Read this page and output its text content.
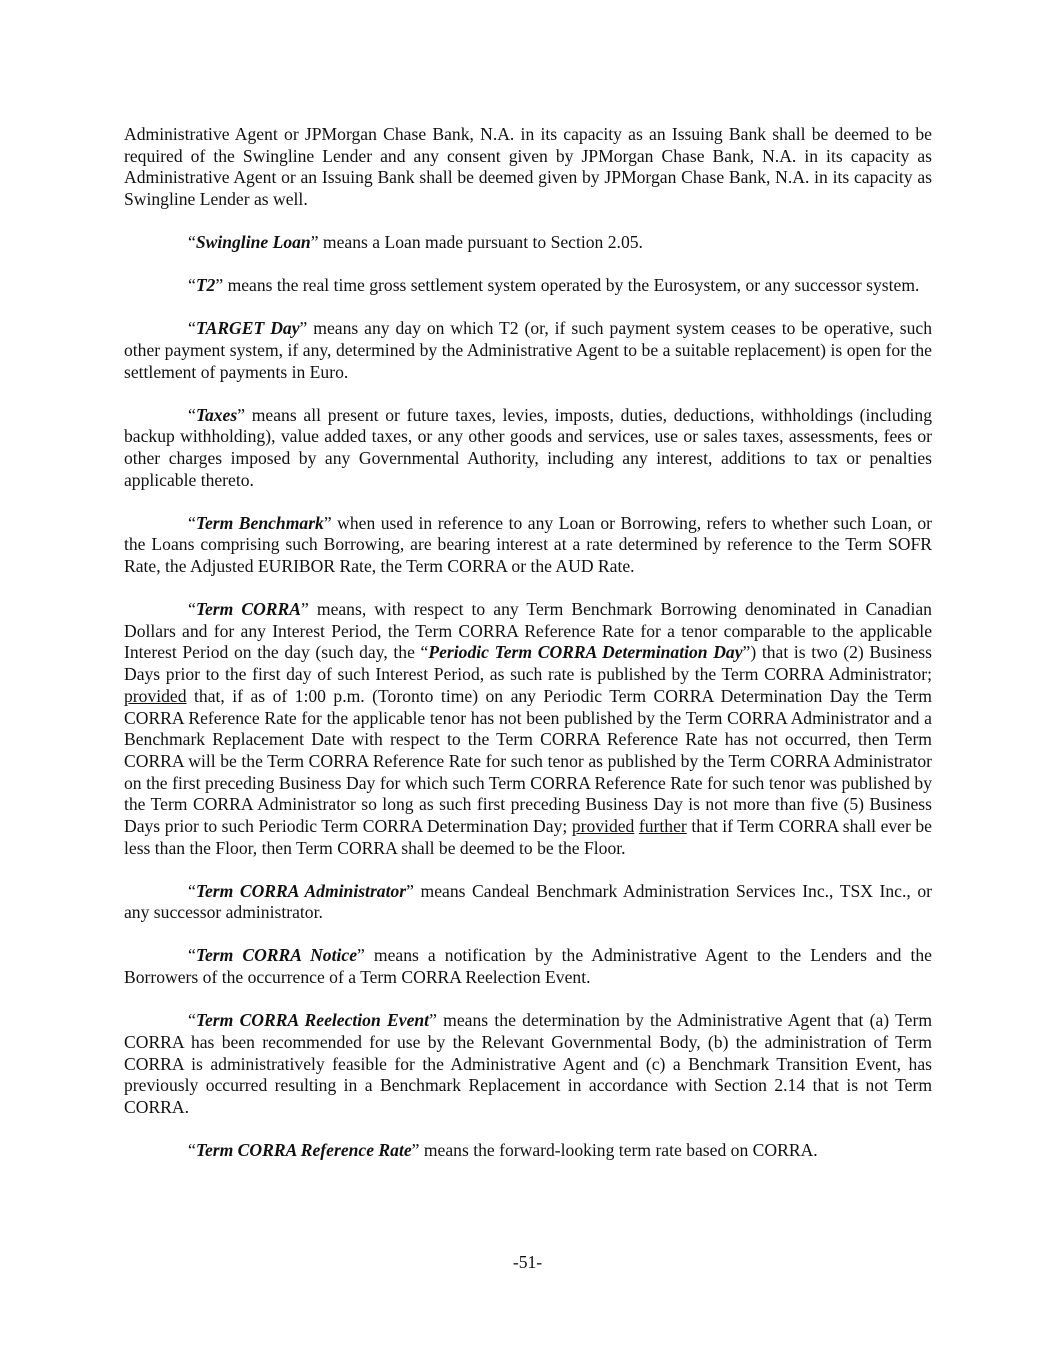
Administrative Agent or JPMorgan Chase Bank, N.A. in its capacity as an Issuing Bank shall be deemed to be required of the Swingline Lender and any consent given by JPMorgan Chase Bank, N.A. in its capacity as Administrative Agent or an Issuing Bank shall be deemed given by JPMorgan Chase Bank, N.A. in its capacity as Swingline Lender as well.

“Swingline Loan” means a Loan made pursuant to Section 2.05.

“T2” means the real time gross settlement system operated by the Eurosystem, or any successor system.

“TARGET Day” means any day on which T2 (or, if such payment system ceases to be operative, such other payment system, if any, determined by the Administrative Agent to be a suitable replacement) is open for the settlement of payments in Euro.

“Taxes” means all present or future taxes, levies, imposts, duties, deductions, withholdings (including backup withholding), value added taxes, or any other goods and services, use or sales taxes, assessments, fees or other charges imposed by any Governmental Authority, including any interest, additions to tax or penalties applicable thereto.

“Term Benchmark” when used in reference to any Loan or Borrowing, refers to whether such Loan, or the Loans comprising such Borrowing, are bearing interest at a rate determined by reference to the Term SOFR Rate, the Adjusted EURIBOR Rate, the Term CORRA or the AUD Rate.

“Term CORRA” means, with respect to any Term Benchmark Borrowing denominated in Canadian Dollars and for any Interest Period, the Term CORRA Reference Rate for a tenor comparable to the applicable Interest Period on the day (such day, the “Periodic Term CORRA Determination Day”) that is two (2) Business Days prior to the first day of such Interest Period, as such rate is published by the Term CORRA Administrator; provided that, if as of 1:00 p.m. (Toronto time) on any Periodic Term CORRA Determination Day the Term CORRA Reference Rate for the applicable tenor has not been published by the Term CORRA Administrator and a Benchmark Replacement Date with respect to the Term CORRA Reference Rate has not occurred, then Term CORRA will be the Term CORRA Reference Rate for such tenor as published by the Term CORRA Administrator on the first preceding Business Day for which such Term CORRA Reference Rate for such tenor was published by the Term CORRA Administrator so long as such first preceding Business Day is not more than five (5) Business Days prior to such Periodic Term CORRA Determination Day; provided further that if Term CORRA shall ever be less than the Floor, then Term CORRA shall be deemed to be the Floor.

“Term CORRA Administrator” means Candeal Benchmark Administration Services Inc., TSX Inc., or any successor administrator.

“Term CORRA Notice” means a notification by the Administrative Agent to the Lenders and the Borrowers of the occurrence of a Term CORRA Reelection Event.

“Term CORRA Reelection Event” means the determination by the Administrative Agent that (a) Term CORRA has been recommended for use by the Relevant Governmental Body, (b) the administration of Term CORRA is administratively feasible for the Administrative Agent and (c) a Benchmark Transition Event, has previously occurred resulting in a Benchmark Replacement in accordance with Section 2.14 that is not Term CORRA.

“Term CORRA Reference Rate” means the forward-looking term rate based on CORRA.

-51-
